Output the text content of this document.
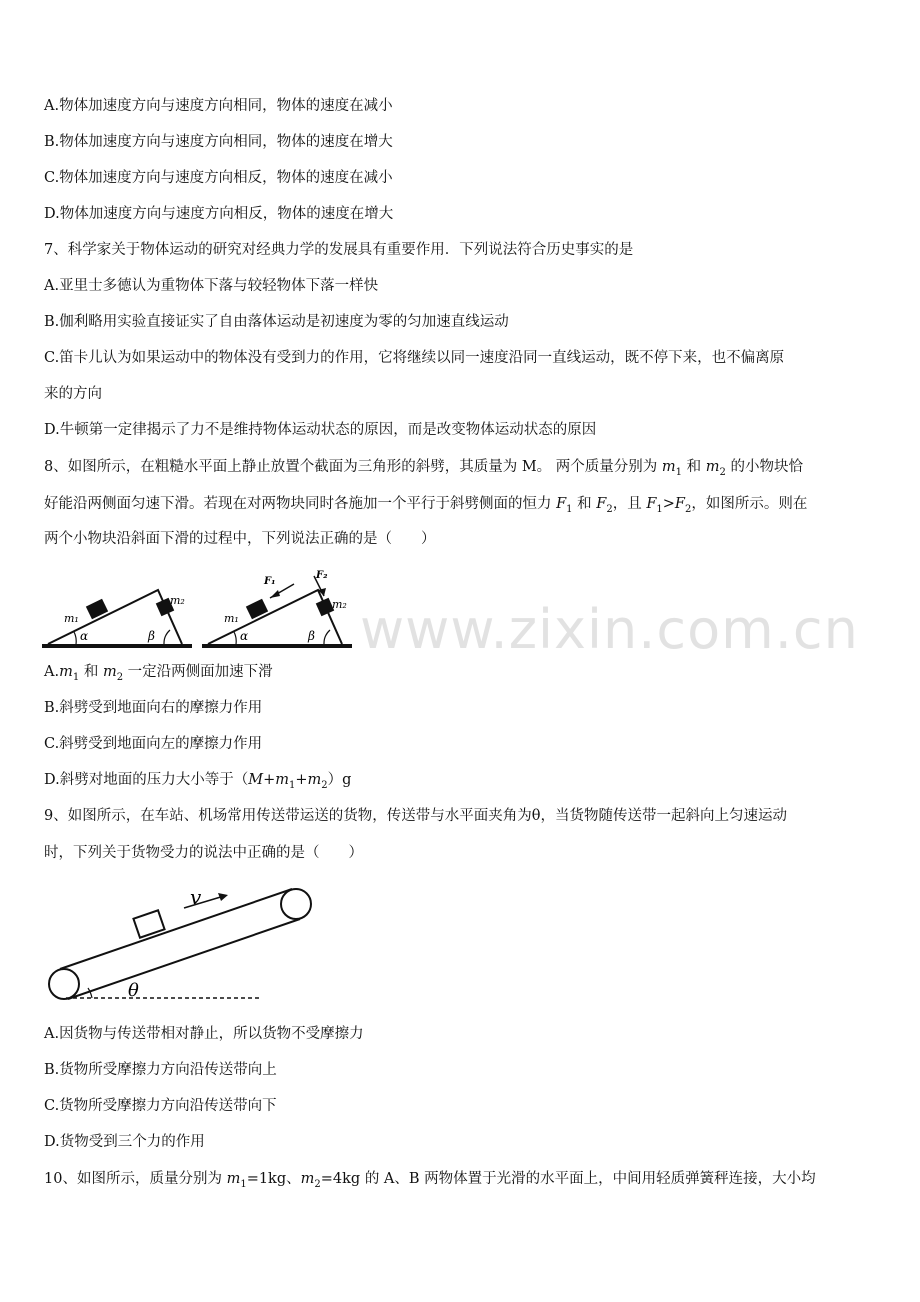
A.物体加速度方向与速度方向相同，物体的速度在减小
B.物体加速度方向与速度方向相同，物体的速度在增大
C.物体加速度方向与速度方向相反，物体的速度在减小
D.物体加速度方向与速度方向相反，物体的速度在增大
7、科学家关于物体运动的研究对经典力学的发展具有重要作用．下列说法符合历史事实的是
A.亚里士多德认为重物体下落与较轻物体下落一样快
B.伽利略用实验直接证实了自由落体运动是初速度为零的匀加速直线运动
C.笛卡儿认为如果运动中的物体没有受到力的作用，它将继续以同一速度沿同一直线运动，既不停下来，也不偏离原
来的方向
D.牛顿第一定律揭示了力不是维持物体运动状态的原因，而是改变物体运动状态的原因
8、如图所示，在粗糙水平面上静止放置个截面为三角形的斜劈，其质量为 M。 两个质量分别为 $m_1$ 和 $m_2$ 的小物块恰
好能沿两侧面匀速下滑。若现在对两物块同时各施加一个平行于斜劈侧面的恒力 $F_1$ 和 $F_2$，且 $F_1>F_2$，如图所示。则在
两个小物块沿斜面下滑的过程中，下列说法正确的是（　　）
m₁
m₂
α	β
F₁
F₂
m₁
m₂
α	β www.zixin.com.cn
$A.m_1$ 和 $m_2$ 一定沿两侧面加速下滑
B.斜劈受到地面向右的摩擦力作用
C.斜劈受到地面向左的摩擦力作用
D.斜劈对地面的压力大小等于$(M+m_1+m_2)g$
9、如图所示，在车站、机场常用传送带运送的货物，传送带与水平面夹角为θ，当货物随传送带一起斜向上匀速运动
时，下列关于货物受力的说法中正确的是（　　）
v
θ
A.因货物与传送带相对静止，所以货物不受摩擦力
B.货物所受摩擦力方向沿传送带向上
C.货物所受摩擦力方向沿传送带向下
D.货物受到三个力的作用
10、如图所示，质量分别为 $m_1=1kg$、$m_2=4kg$ 的 A、B 两物体置于光滑的水平面上，中间用轻质弹簧秤连接，大小均
